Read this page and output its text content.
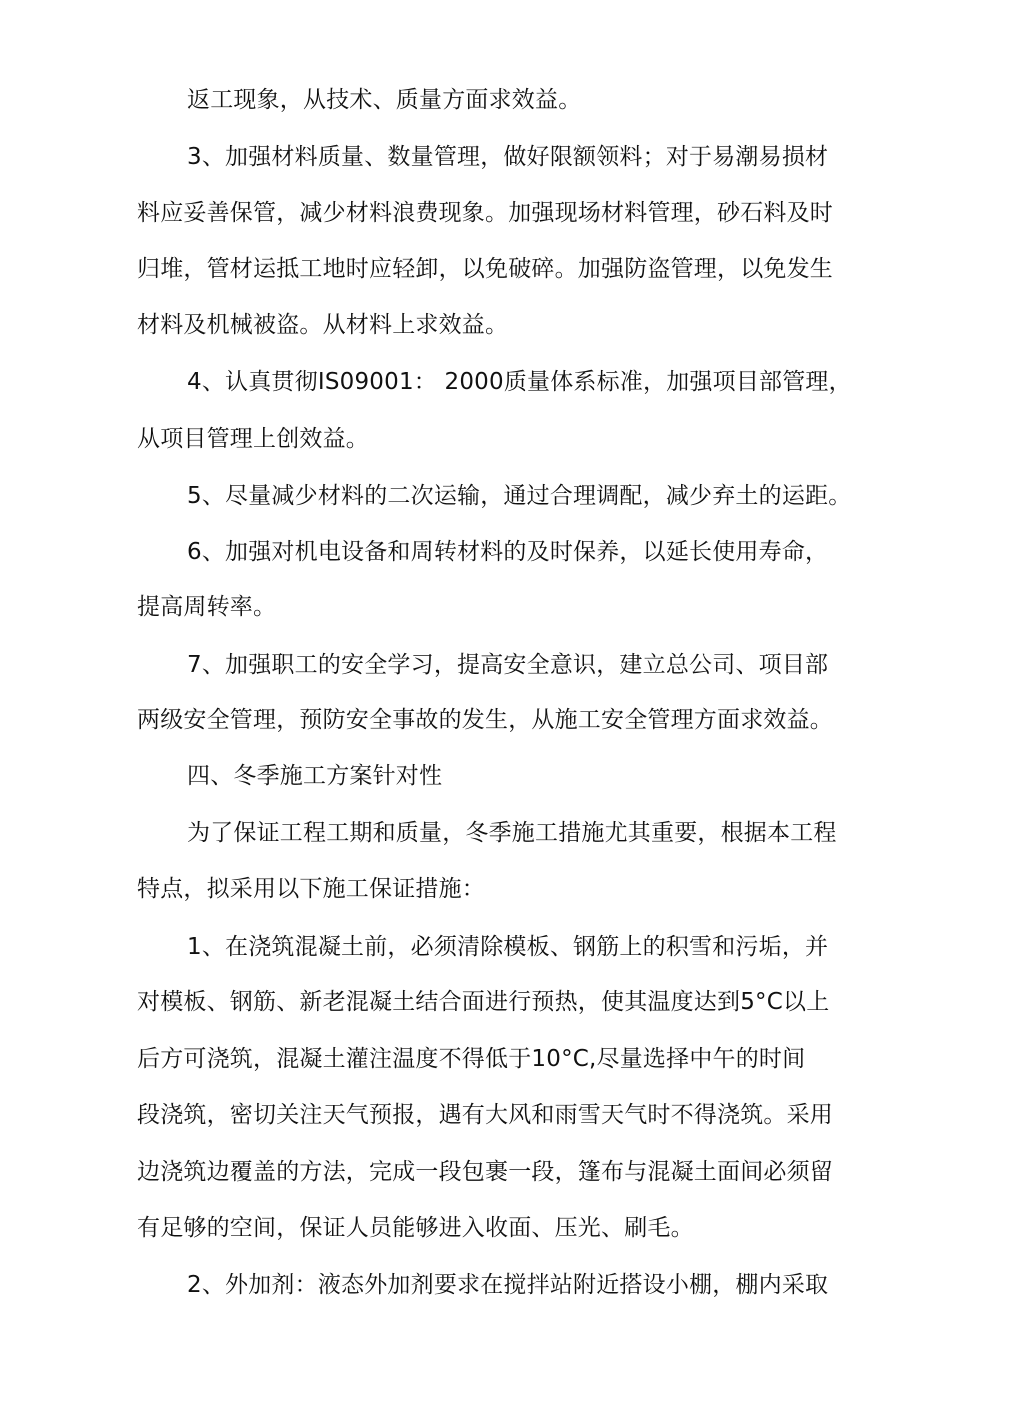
返工现象，从技术、质量方面求效益。
3、加强材料质量、数量管理，做好限额领料；对于易潮易损材
料应妥善保管，减少材料浪费现象。加强现场材料管理，砂石料及时
归堆，管材运抵工地时应轻卸，以免破碎。加强防盗管理，以免发生
材料及机械被盗。从材料上求效益。
4、认真贯彻IS09001： 2000质量体系标准，加强项目部管理，
从项目管理上创效益。
5、尽量减少材料的二次运输，通过合理调配，减少弃土的运距。
6、加强对机电设备和周转材料的及时保养，以延长使用寿命，
提高周转率。
7、加强职工的安全学习，提高安全意识，建立总公司、项目部
两级安全管理，预防安全事故的发生，从施工安全管理方面求效益。
四、冬季施工方案针对性
为了保证工程工期和质量，冬季施工措施尤其重要，根据本工程
特点，拟采用以下施工保证措施：
1、在浇筑混凝土前，必须清除模板、钢筋上的积雪和污垢，并
对模板、钢筋、新老混凝土结合面进行预热，使其温度达到5°C以上
后方可浇筑，混凝土灌注温度不得低于10°C,尽量选择中午的时间
段浇筑，密切关注天气预报，遇有大风和雨雪天气时不得浇筑。采用
边浇筑边覆盖的方法，完成一段包裹一段，篷布与混凝土面间必须留
有足够的空间，保证人员能够进入收面、压光、刷毛。
2、外加剂：液态外加剂要求在搅拌站附近搭设小棚，棚内采取
